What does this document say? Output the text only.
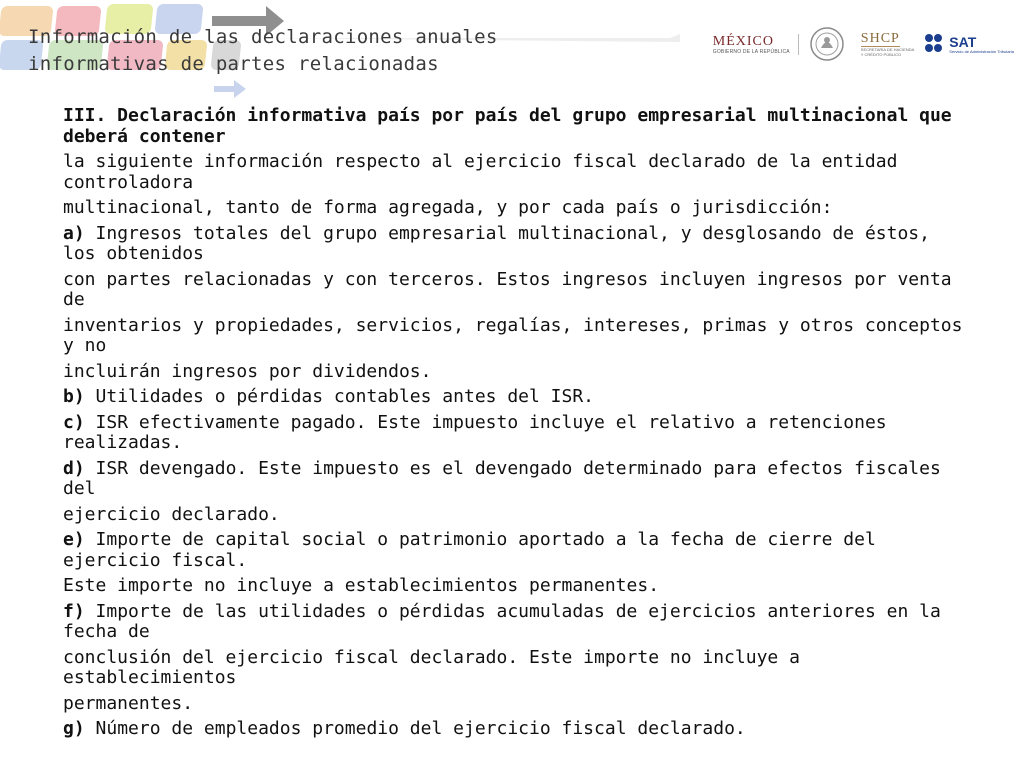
Información de las declaraciones anuales
informativas de partes relacionadas
MÉXICO
GOBIERNO DE LA REPÚBLICA
SHCP
SECRETARÍA DE HACIENDA
Y CRÉDITO PÚBLICO
SAT
Servicio de Administración Tributaria

III. Declaración informativa país por país del grupo empresarial multinacional que deberá contener

la siguiente información respecto al ejercicio fiscal declarado de la entidad controladora

multinacional, tanto de forma agregada, y por cada país o jurisdicción:

a) Ingresos totales del grupo empresarial multinacional, y desglosando de éstos, los obtenidos

con partes relacionadas y con terceros. Estos ingresos incluyen ingresos por venta de

inventarios y propiedades, servicios, regalías, intereses, primas y otros conceptos y no

incluirán ingresos por dividendos.

b) Utilidades o pérdidas contables antes del ISR.

c) ISR efectivamente pagado. Este impuesto incluye el relativo a retenciones realizadas.

d) ISR devengado. Este impuesto es el devengado determinado para efectos fiscales del

ejercicio declarado.

e) Importe de capital social o patrimonio aportado a la fecha de cierre del ejercicio fiscal.

Este importe no incluye a establecimientos permanentes.

f) Importe de las utilidades o pérdidas acumuladas de ejercicios anteriores en la fecha de

conclusión del ejercicio fiscal declarado. Este importe no incluye a establecimientos

permanentes.

g) Número de empleados promedio del ejercicio fiscal declarado.
